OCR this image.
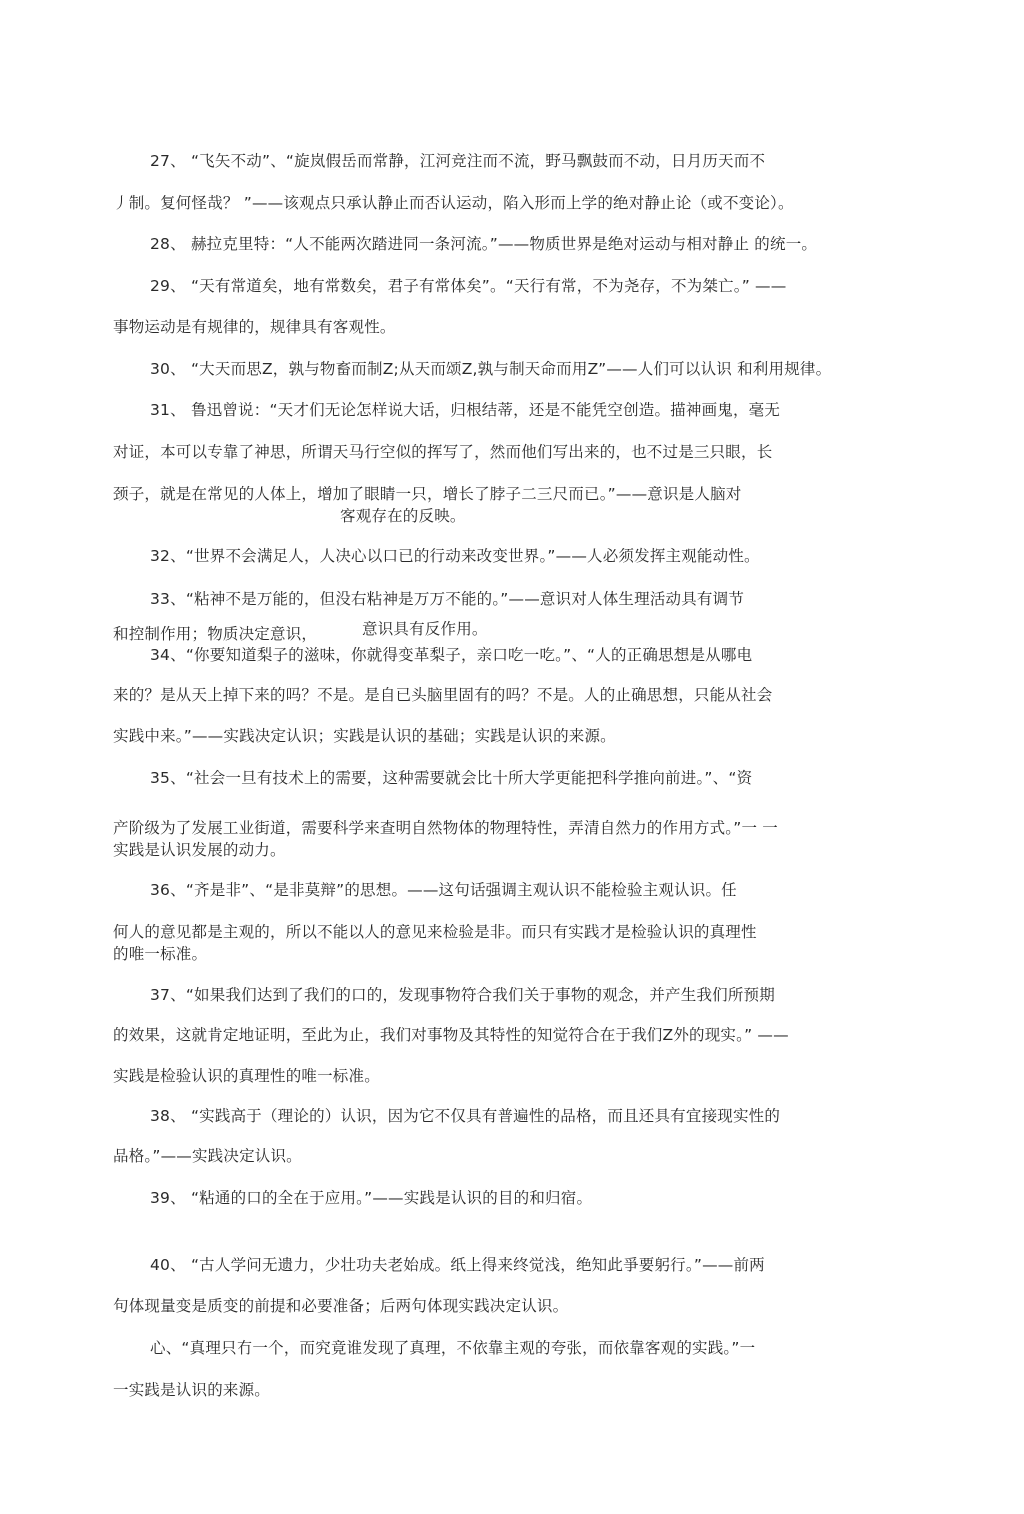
27、 “飞矢不动”、“旋岚假岳而常静，江河竞注而不流，野马飘鼓而不动，日月历天而不
丿制。复何怪哉？ ”——该观点只承认静止而否认运动，陷入形而上学的绝对静止论（或不变论）。
28、 赫拉克里特：“人不能两次踏进同一条河流。”——物质世界是绝对运动与相对静止 的统一。
29、 “天有常道矣，地有常数矣，君子有常体矣”。“天行有常，不为尧存，不为桀亡。” ——
事物运动是有规律的，规律具有客观性。
30、 “大天而思Z，孰与物畜而制Z;从天而颂Z,孰与制天命而用Z”——人们可以认识 和利用规律。
31、 鲁迅曾说：“天才们无论怎样说大话，归根结蒂，还是不能凭空创造。描神画鬼，毫无
对证，本可以专靠了神思，所谓天马行空似的挥写了，然而他们写出来的，也不过是三只眼，长
颈子，就是在常见的人体上，增加了眼睛一只，增长了脖子二三尺而已。”——意识是人脑对
客观存在的反映。
32、“世界不会满足人，人决心以口已的行动来改变世界。”——人必须发挥主观能动性。
33、“粘神不是万能的，但没右粘神是万万不能的。”——意识对人体生理活动具有调节
和控制作用；物质决定意识，	意识具有反作用。
34、“你要知道梨子的滋味，你就得变革梨子，亲口吃一吃。”、“人的正确思想是从哪电
来的？是从天上掉下来的吗？不是。是自已头脑里固有的吗？不是。人的止确思想，只能从社会
实践中来。”——实践决定认识；实践是认识的基础；实践是认识的来源。
35、“社会一旦有技术上的需要，这种需要就会比十所大学更能把科学推向前进。”、“资
产阶级为了发展工业街道，需要科学来查明自然物体的物理特性，弄清自然力的作用方式。”一 一
实践是认识发展的动力。
36、“齐是非”、“是非莫辩”的思想。——这句话强调主观认识不能检验主观认识。任
何人的意见都是主观的，所以不能以人的意见来检验是非。而只有实践才是检验认识的真理性
的唯一标准。
37、“如果我们达到了我们的口的，发现事物符合我们关于事物的观念，并产生我们所预期
的效果，这就肯定地证明，至此为止，我们对事物及其特性的知觉符合在于我们Z外的现实。” ——
实践是检验认识的真理性的唯一标准。
38、 “实践高于（理论的）认识，因为它不仅具有普遍性的品格，而且还具有宜接现实性的
品格。”——实践决定认识。
39、 “粘通的口的全在于应用。”——实践是认识的目的和归宿。
40、 “古人学问无遗力，少壮功夫老始成。纸上得来终觉浅，绝知此爭要躬行。”——前两
句体现量变是质变的前提和必要准备；后两句体现实践决定认识。
心、“真理只冇一个，而究竟谁发现了真理，不依靠主观的夸张，而依靠客观的实践。”一
一实践是认识的来源。
